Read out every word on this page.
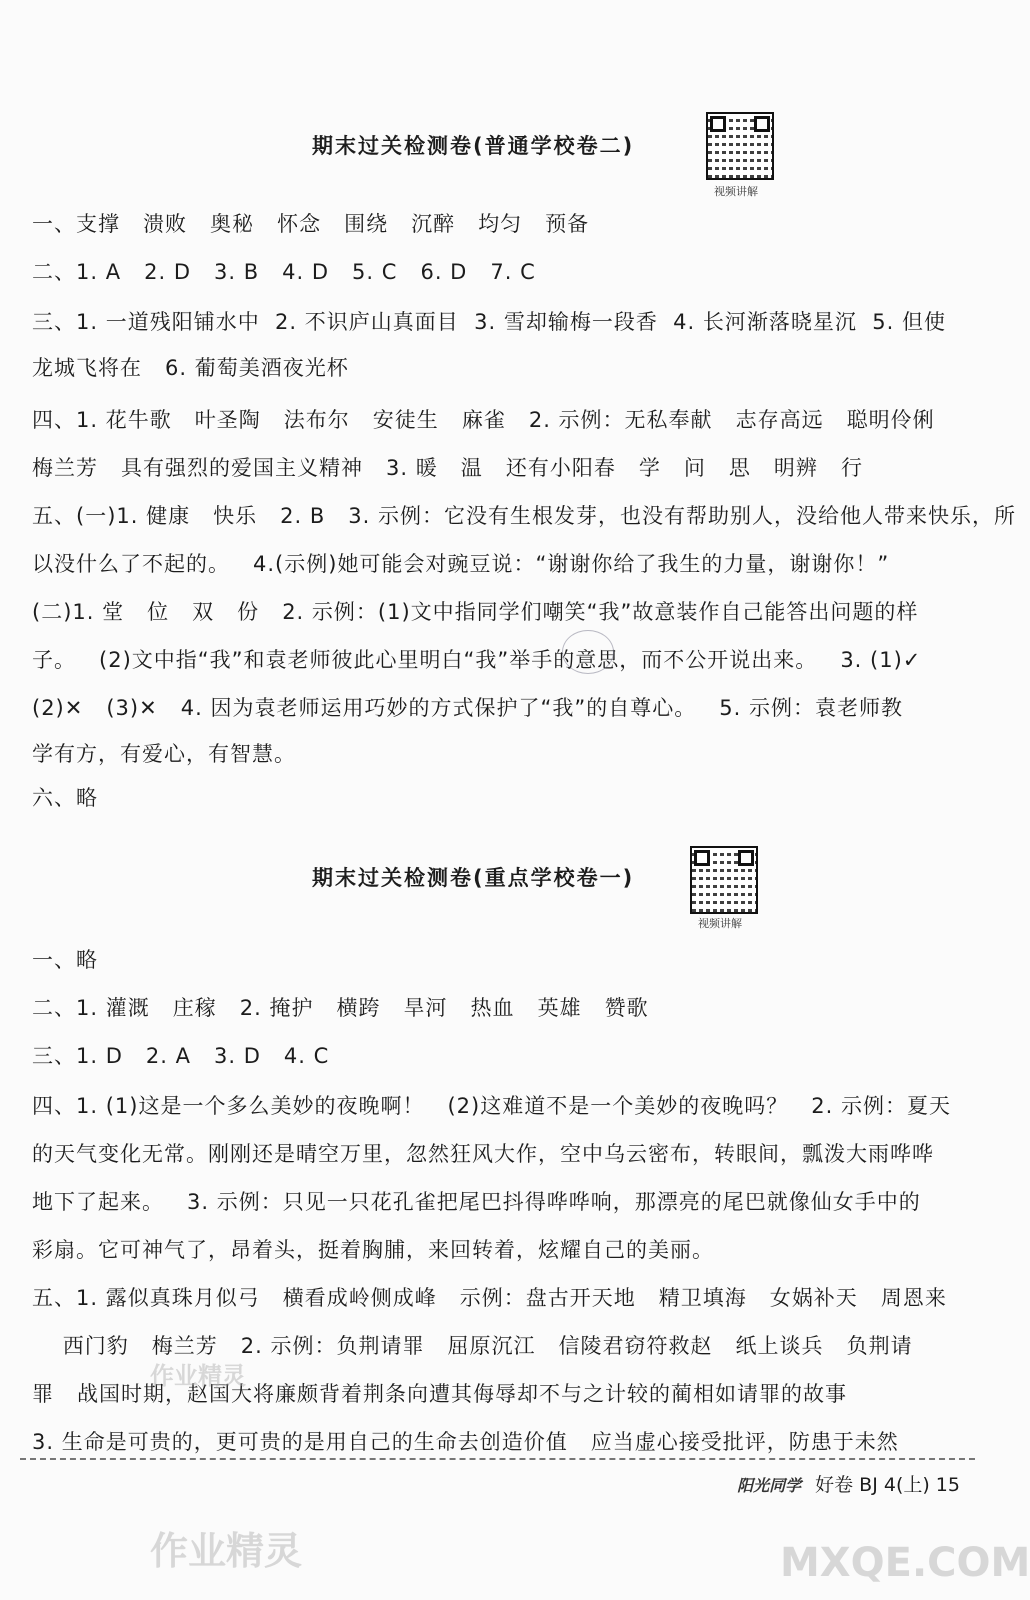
期末过关检测卷(普通学校卷二)
视频讲解
一、支撑   溃败   奥秘   怀念   围绕   沉醉   均匀   预备
二、1. A   2. D   3. B   4. D   5. C   6. D   7. C
三、1. 一道残阳铺水中  2. 不识庐山真面目  3. 雪却输梅一段香  4. 长河渐落晓星沉  5. 但使
龙城飞将在   6. 葡萄美酒夜光杯
四、1. 花牛歌   叶圣陶   法布尔   安徒生   麻雀   2. 示例：无私奉献   志存高远   聪明伶俐
梅兰芳   具有强烈的爱国主义精神   3. 暖   温   还有小阳春   学   问   思   明辨   行
五、(一)1. 健康   快乐   2. B   3. 示例：它没有生根发芽，也没有帮助别人，没给他人带来快乐，所
以没什么了不起的。   4.(示例)她可能会对豌豆说：“谢谢你给了我生的力量，谢谢你！”
(二)1. 堂   位   双   份   2. 示例：(1)文中指同学们嘲笑“我”故意装作自己能答出问题的样
子。   (2)文中指“我”和袁老师彼此心里明白“我”举手的意思，而不公开说出来。   3. (1)✓
(2)✕   (3)✕   4. 因为袁老师运用巧妙的方式保护了“我”的自尊心。   5. 示例：袁老师教
学有方，有爱心，有智慧。
六、略
期末过关检测卷(重点学校卷一)
视频讲解
一、略
二、1. 灌溉   庄稼   2. 掩护   横跨   旱河   热血   英雄   赞歌
三、1. D   2. A   3. D   4. C
四、1. (1)这是一个多么美妙的夜晚啊！   (2)这难道不是一个美妙的夜晚吗？   2. 示例：夏天
的天气变化无常。刚刚还是晴空万里，忽然狂风大作，空中乌云密布，转眼间，瓢泼大雨哗哗
地下了起来。   3. 示例：只见一只花孔雀把尾巴抖得哗哗响，那漂亮的尾巴就像仙女手中的
彩扇。它可神气了，昂着头，挺着胸脯，来回转着，炫耀自己的美丽。
五、1. 露似真珠月似弓   横看成岭侧成峰   示例：盘古开天地   精卫填海   女娲补天   周恩来
西门豹   梅兰芳   2. 示例：负荆请罪   屈原沉江   信陵君窃符救赵   纸上谈兵   负荆请
罪   战国时期，赵国大将廉颇背着荆条向遭其侮辱却不与之计较的蔺相如请罪的故事
3. 生命是可贵的，更可贵的是用自己的生命去创造价值   应当虚心接受批评，防患于未然
作业精灵
作业精灵	MXQE.COM
阳光同学 好卷 BJ 4(上) 15
